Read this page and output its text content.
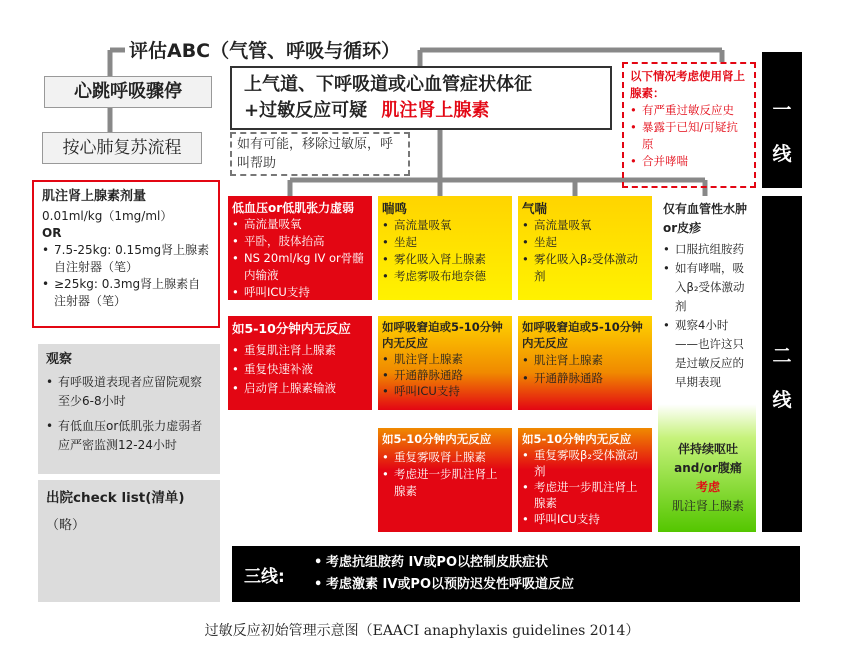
评估ABC（气管、呼吸与循环）
心跳呼吸骤停
按心肺复苏流程
上气道、下呼吸道或心血管症状体征
+过敏反应可疑 肌注肾上腺素
如有可能，移除过敏原，呼叫帮助
以下情况考虑使用肾上腺素：
• 有严重过敏反应史
• 暴露于已知/可疑抗原
• 合并哮喘
一线
二线
肌注肾上腺素剂量
0.01ml/kg（1mg/ml）
OR
• 7.5-25kg: 0.15mg肾上腺素自注射器（笔）
• ≥25kg: 0.3mg肾上腺素自注射器（笔）
观察
• 有呼吸道表现者应留院观察至少6-8小时
• 有低血压or低肌张力虚弱者应严密监测12-24小时
出院check list(清单)
（略）
低血压or低肌张力虚弱
• 高流量吸氧
• 平卧，肢体抬高
• NS 20ml/kg IV or骨髓内输液
• 呼叫ICU支持
如5-10分钟内无反应
• 重复肌注肾上腺素
• 重复快速补液
• 启动肾上腺素输液
喘鸣
• 高流量吸氧
• 坐起
• 雾化吸入肾上腺素
• 考虑雾吸布地奈德
如呼吸窘迫或5-10分钟内无反应
• 肌注肾上腺素
• 开通静脉通路
• 呼叫ICU支持
如5-10分钟内无反应
• 重复雾吸肾上腺素
• 考虑进一步肌注肾上腺素
气喘
• 高流量吸氧
• 坐起
• 雾化吸入β₂受体激动剂
如呼吸窘迫或5-10分钟内无反应
• 肌注肾上腺素
• 开通静脉通路
如5-10分钟内无反应
• 重复雾吸β₂受体激动剂
• 考虑进一步肌注肾上腺素
• 呼叫ICU支持
仅有血管性水肿or皮疹
• 口服抗组胺药
• 如有哮喘，吸入β₂受体激动剂
• 观察4小时——也许这只是过敏反应的早期表现
伴持续呕吐and/or腹痛
考虑
肌注肾上腺素
三线:
• 考虑抗组胺药 IV或PO以控制皮肤症状
• 考虑激素 IV或PO以预防迟发性呼吸道反应
过敏反应初始管理示意图（EAACI anaphylaxis guidelines 2014）
